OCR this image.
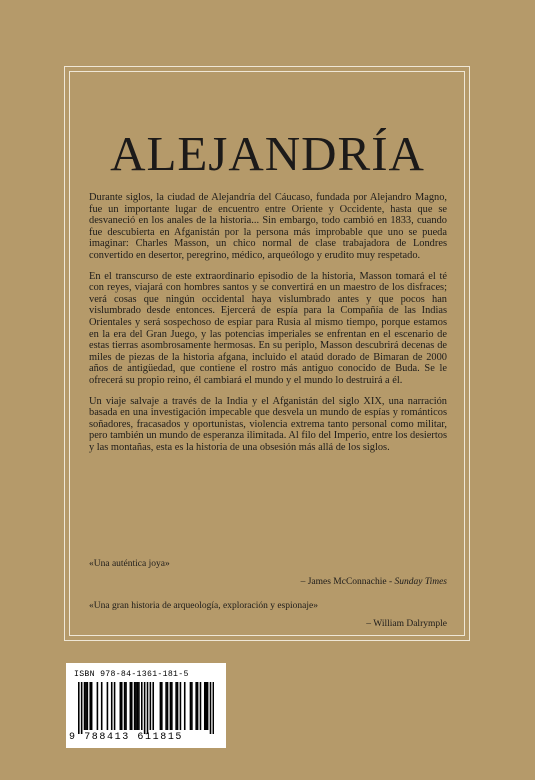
ALEJANDRÍA

Durante siglos, la ciudad de Alejandría del Cáucaso, fundada por Alejandro Magno, fue un importante lugar de encuentro entre Oriente y Occidente, hasta que se desvaneció en los anales de la historia... Sin embargo, todo cambió en 1833, cuando fue descubierta en Afganistán por la persona más improbable que uno se pueda imaginar: Charles Masson, un chico normal de clase trabajadora de Londres convertido en desertor, peregrino, médico, arqueólogo y erudito muy respetado.

En el transcurso de este extraordinario episodio de la historia, Masson tomará el té con reyes, viajará con hombres santos y se convertirá en un maestro de los disfraces; verá cosas que ningún occidental haya vislumbrado antes y que pocos han vislumbrado desde entonces. Ejercerá de espía para la Compañía de las Indias Orientales y será sospechoso de espiar para Rusia al mismo tiempo, porque estamos en la era del Gran Juego, y las potencias imperiales se enfrentan en el escenario de estas tierras asombrosamente hermosas. En su periplo, Masson descubrirá decenas de miles de piezas de la historia afgana, incluido el ataúd dorado de Bimaran de 2000 años de antigüedad, que contiene el rostro más antiguo conocido de Buda. Se le ofrecerá su propio reino, él cambiará el mundo y el mundo lo destruirá a él.

Un viaje salvaje a través de la India y el Afganistán del siglo XIX, una narración basada en una investigación impecable que desvela un mundo de espías y románticos soñadores, fracasados y oportunistas, violencia extrema tanto personal como militar, pero también un mundo de esperanza ilimitada. Al filo del Imperio, entre los desiertos y las montañas, esta es la historia de una obsesión más allá de los siglos.

«Una auténtica joya»
– James McConnachie - Sunday Times
«Una gran historia de arqueología, exploración y espionaje»
– William Dalrymple
ISBN 978-84-1361-181-5
9 788413 611815
